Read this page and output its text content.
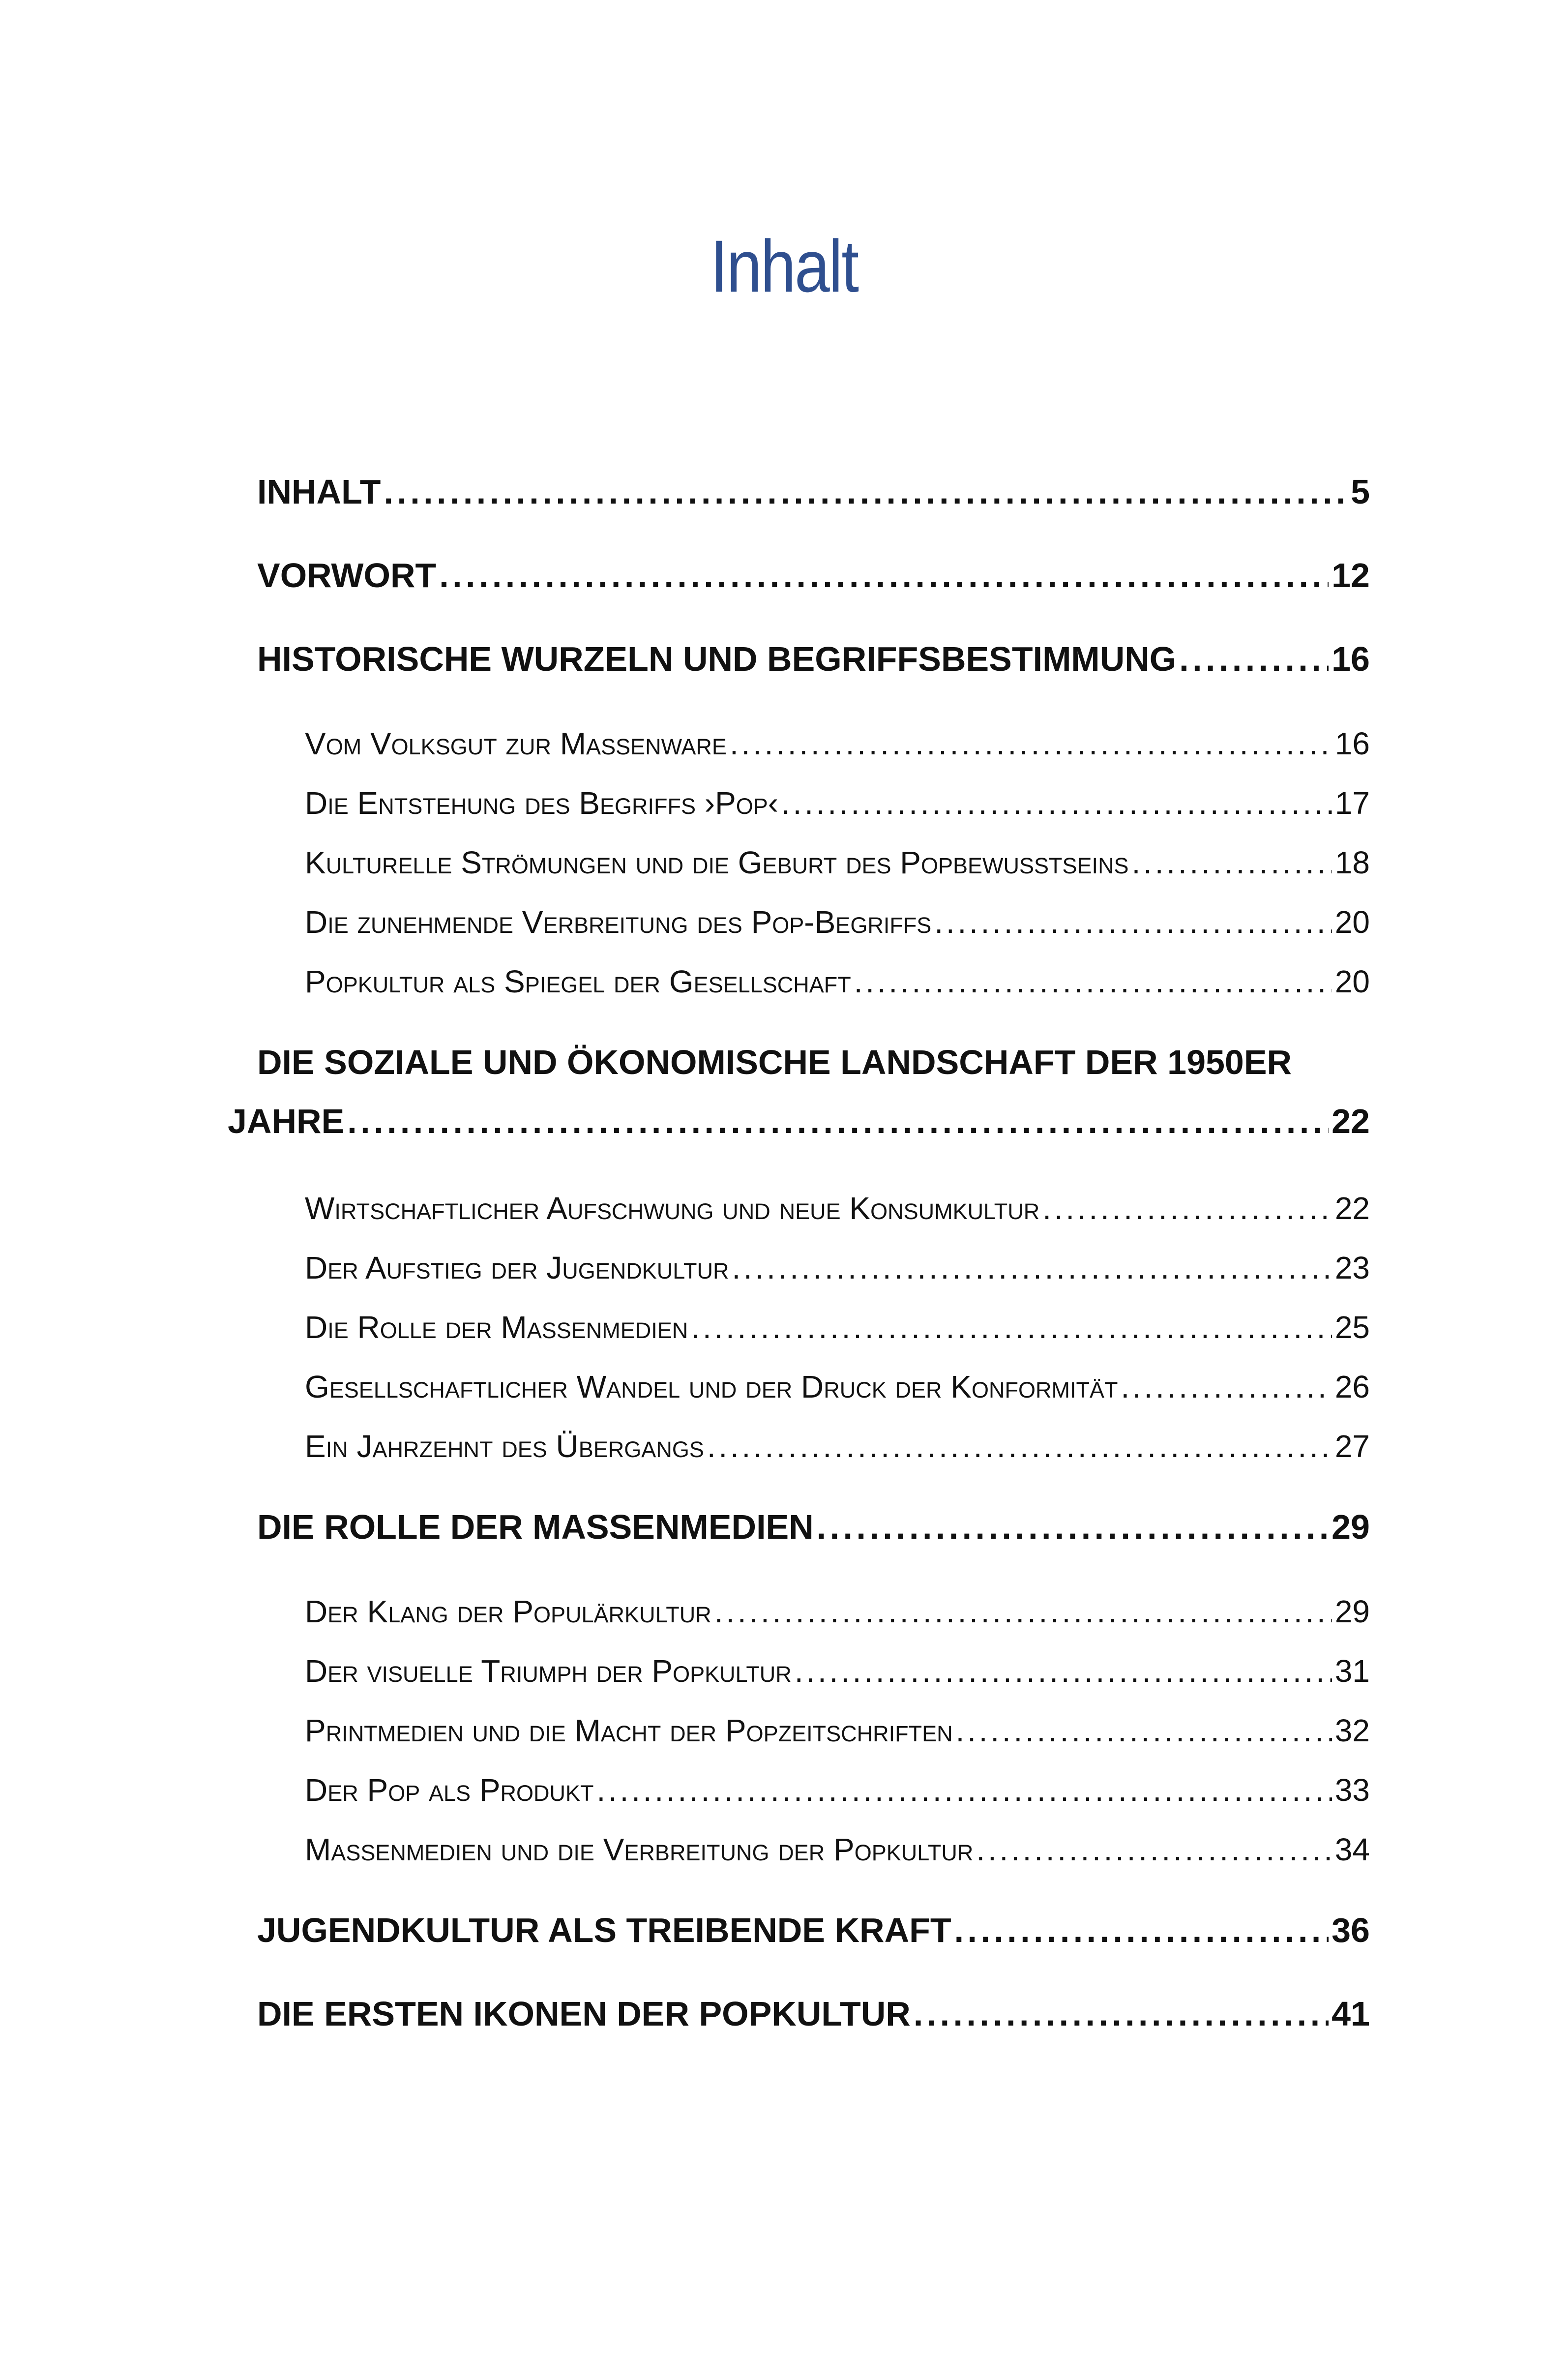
Inhalt
INHALT . . .	5
VORWORT . . .	12
HISTORISCHE WURZELN UND BEGRIFFSBESTIMMUNG . . .	16
Vom Volksgut zur Massenware . . .	16
Die Entstehung des Begriffs ›Pop‹ . . .	17
Kulturelle Strömungen und die Geburt des Popbewusstseins . . .	18
Die zunehmende Verbreitung des Pop-Begriffs . . .	20
Popkultur als Spiegel der Gesellschaft . . .	20
DIE SOZIALE UND ÖKONOMISCHE LANDSCHAFT DER 1950ER
JAHRE . . .	22
Wirtschaftlicher Aufschwung und neue Konsumkultur . . .	22
Der Aufstieg der Jugendkultur . . .	23
Die Rolle der Massenmedien . . .	25
Gesellschaftlicher Wandel und der Druck der Konformität . . .	26
Ein Jahrzehnt des Übergangs . . .	27
DIE ROLLE DER MASSENMEDIEN . . .	29
Der Klang der Populärkultur . . .	29
Der visuelle Triumph der Popkultur . . .	31
Printmedien und die Macht der Popzeitschriften . . .	32
Der Pop als Produkt . . .	33
Massenmedien und die Verbreitung der Popkultur . . .	34
JUGENDKULTUR ALS TREIBENDE KRAFT . . .	36
DIE ERSTEN IKONEN DER POPKULTUR . . .	41
